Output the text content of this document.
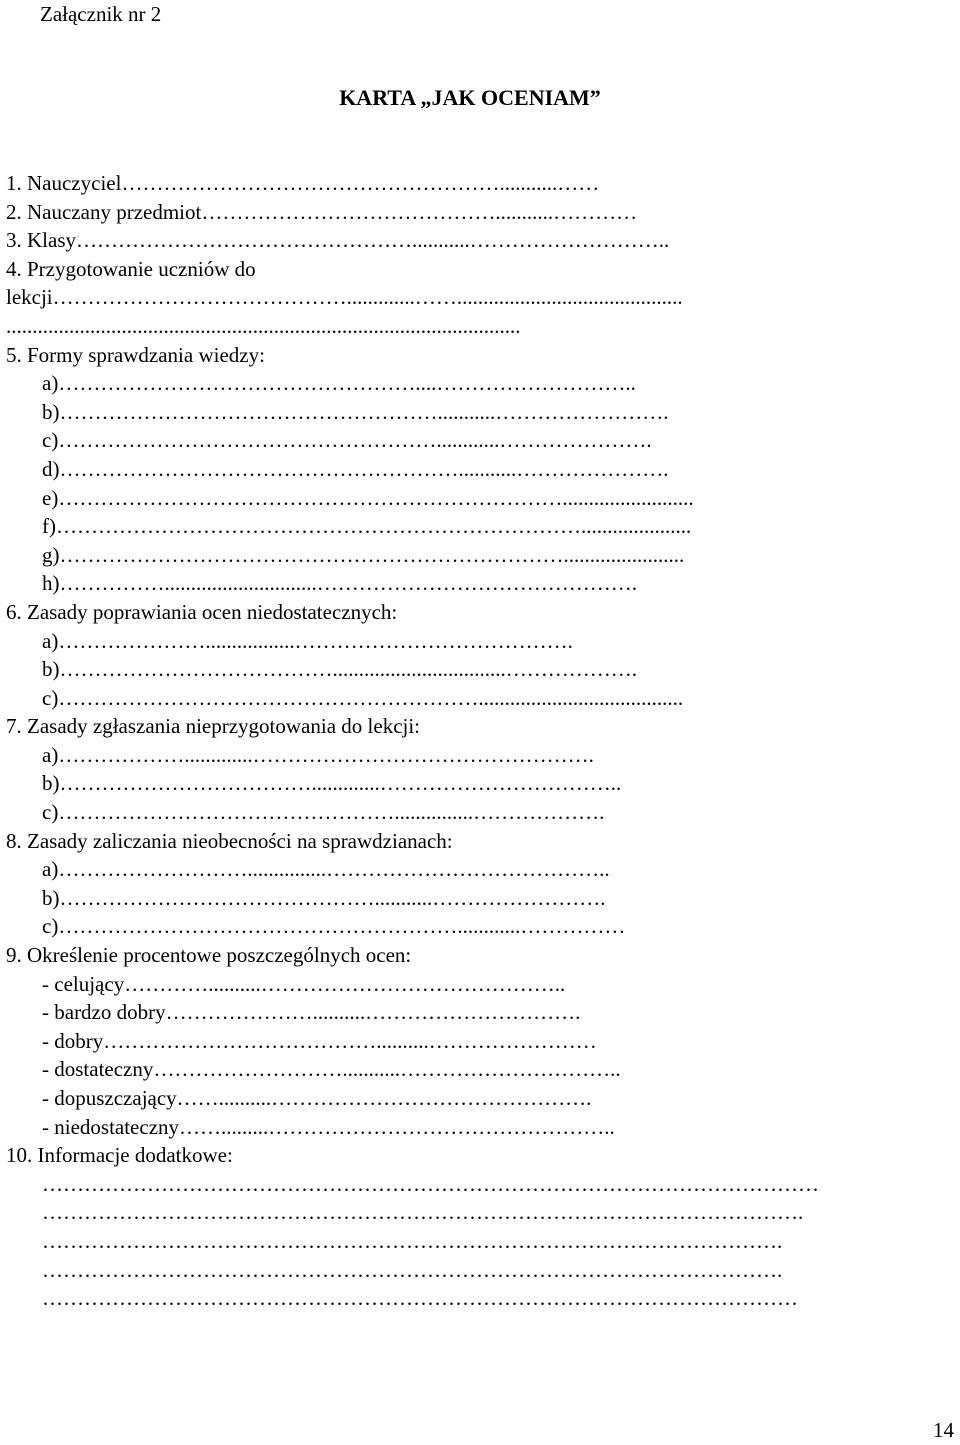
Załącznik nr 2
KARTA „JAK OCENIAM”
1. Nauczyciel………………………………………………...........……
2. Nauczany przedmiot……………………………………...........…………
3. Klasy…………………………………………...........………………………..
4. Przygotowanie uczniów do
lekcji…………………………………….............……...........................................
..................................................................................................
5. Formy sprawdzania wiedzy:
a)……………………………………………....………………………..
b)………………………………………………...........…………………….
c)………………………………………………............………………….
d)…………………………………………………...........………………….
e)……………………………………………………………….........................
f)………………………………………………………………….....................
g)……………………………………………………………….......................
h)…………….............................……………………………………….
6. Zasady poprawiania ocen niedostatecznych:
a)………………….................………………………………….
b)………………………………….................................……………….
c)…………………………………………………….......................................
7. Zasady zgłaszania nieprzygotowania do lekcji:
a)……………….............………………………………………….
b)……………………………….............……………………………..
c)…………………………………………...............……………….
8. Zasady zaliczania nieobecności na sprawdzianach:
a)………………………...............…………………………………..
b)………………………………………...........…………………….
c)…………………………………………………............……………
9. Określenie procentowe poszczególnych ocen:
- celujący…………..........……………………………………..
- bardzo dobry…………………..........………………………….
- dobry…………………………………..........……………………
- dostateczny………………………...........…………………………..
- dopuszczający……..........……………………………………….
- niedostateczny…….........…………………………………………..
10. Informacje dodatkowe:
…………………………………………………………………………………………………
……………………………………………………………………………………………….
…………………………………………………………………………………………….
…………………………………………………………………………………………….
………………………………………………………………………………………………
14
